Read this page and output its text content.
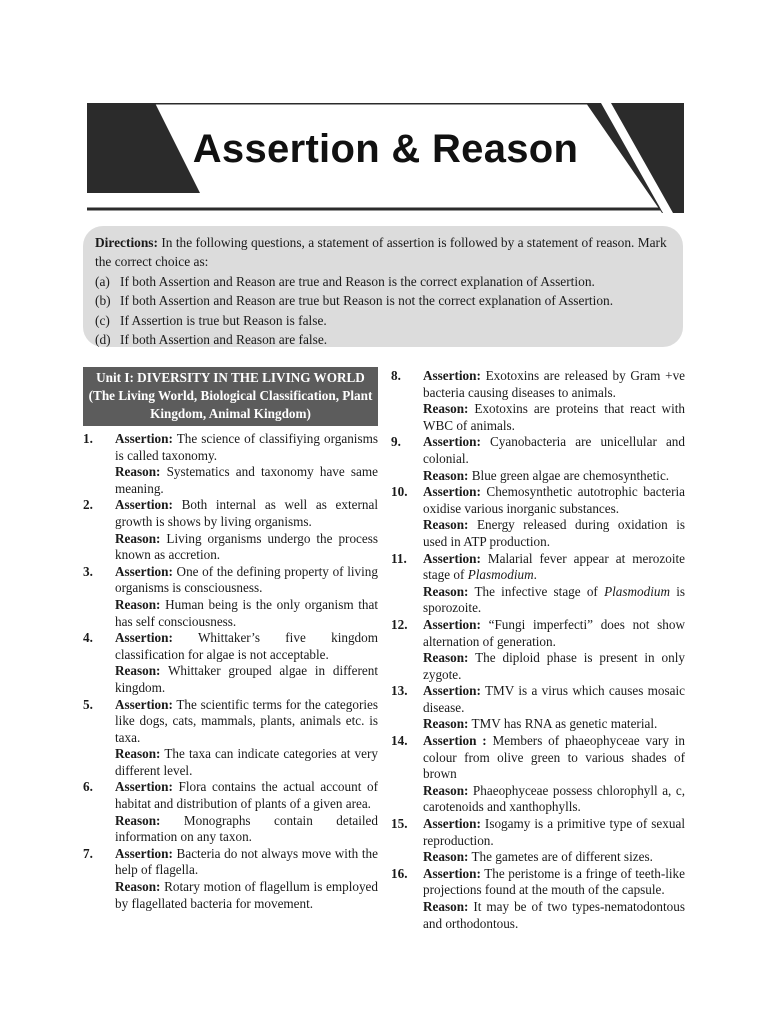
Assertion & Reason

Directions: In the following questions, a statement of assertion is followed by a statement of reason. Mark the correct choice as:

(a) If both Assertion and Reason are true and Reason is the correct explanation of Assertion.
(b) If both Assertion and Reason are true but Reason is not the correct explanation of Assertion.
(c) If Assertion is true but Reason is false.
(d) If both Assertion and Reason are false.
Unit I: DIVERSITY IN THE LIVING WORLD
(The Living World, Biological Classification, Plant Kingdom, Animal Kingdom)
1.	Assertion: The science of classifiying organisms is called taxonomy.

Reason: Systematics and taxonomy have same meaning.

2.	Assertion: Both internal as well as external growth is shows by living organisms.

Reason: Living organisms undergo the process known as accretion.

3.	Assertion: One of the defining property of living organisms is consciousness.

Reason: Human being is the only organism that has self consciousness.

4.	Assertion: Whittaker’s five kingdom classification for algae is not acceptable.

Reason: Whittaker grouped algae in different kingdom.

5.	Assertion: The scientific terms for the categories like dogs, cats, mammals, plants, animals etc. is taxa.

Reason: The taxa can indicate categories at very different level.

6.	Assertion: Flora contains the actual account of habitat and distribution of plants of a given area.

Reason: Monographs contain detailed information on any taxon.

7.	Assertion: Bacteria do not always move with the help of flagella.

Reason: Rotary motion of flagellum is employed by flagellated bacteria for movement.

8.	Assertion: Exotoxins are released by Gram +ve bacteria causing diseases to animals.

Reason: Exotoxins are proteins that react with WBC of animals.

9.	Assertion: Cyanobacteria are unicellular and colonial.

Reason: Blue green algae are chemosynthetic.

10.	Assertion: Chemosynthetic autotrophic bacteria oxidise various inorganic substances.

Reason: Energy released during oxidation is used in ATP production.

11.	Assertion: Malarial fever appear at merozoite stage of Plasmodium.

Reason: The infective stage of Plasmodium is sporozoite.

12.	Assertion: “Fungi imperfecti” does not show alternation of generation.

Reason: The diploid phase is present in only zygote.

13.	Assertion: TMV is a virus which causes mosaic disease.

Reason: TMV has RNA as genetic material.

14.	Assertion : Members of phaeophyceae vary in colour from olive green to various shades of brown

Reason: Phaeophyceae possess chlorophyll a, c, carotenoids and xanthophylls.

15.	Assertion: Isogamy is a primitive type of sexual reproduction.

Reason: The gametes are of different sizes.

16.	Assertion: The peristome is a fringe of teeth-like projections found at the mouth of the capsule.

Reason: It may be of two types-nematodontous and orthodontous.
